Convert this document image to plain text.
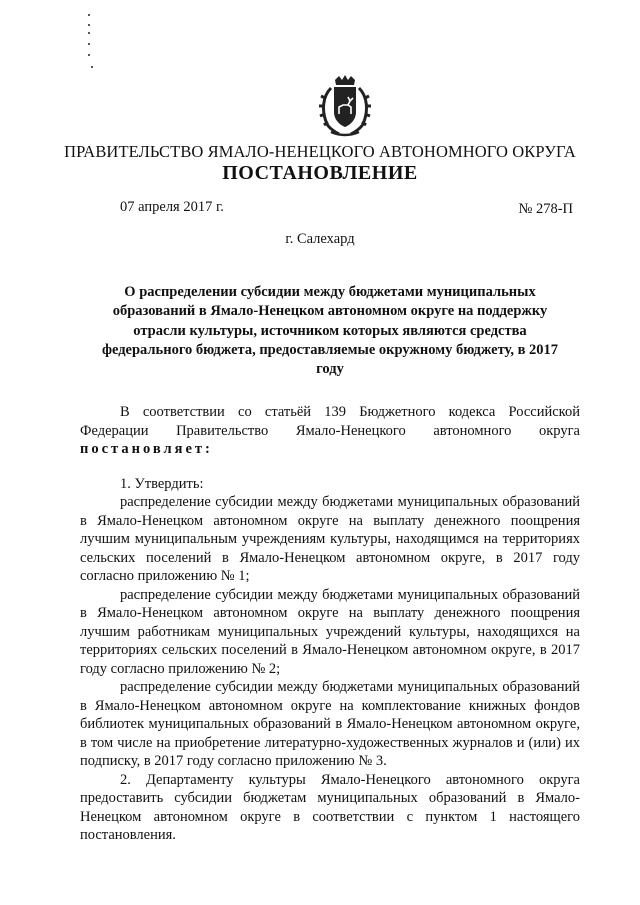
ПРАВИТЕЛЬСТВО ЯМАЛО-НЕНЕЦКОГО АВТОНОМНОГО ОКРУГА
ПОСТАНОВЛЕНИЕ
07 апреля 2017 г.	№ 278-П
г. Салехард
О распределении субсидии между бюджетами муниципальных образований в Ямало-Ненецком автономном округе на поддержку отрасли культуры, источником которых являются средства федерального бюджета, предоставляемые окружному бюджету, в 2017 году

В соответствии со статьёй 139 Бюджетного кодекса Российской Федерации Правительство Ямало-Ненецкого автономного округа постановляет:

1. Утвердить:

распределение субсидии между бюджетами муниципальных образований в Ямало-Ненецком автономном округе на выплату денежного поощрения лучшим муниципальным учреждениям культуры, находящимся на территориях сельских поселений в Ямало-Ненецком автономном округе, в 2017 году согласно приложению № 1;

распределение субсидии между бюджетами муниципальных образований в Ямало-Ненецком автономном округе на выплату денежного поощрения лучшим работникам муниципальных учреждений культуры, находящихся на территориях сельских поселений в Ямало-Ненецком автономном округе, в 2017 году согласно приложению № 2;

распределение субсидии между бюджетами муниципальных образований в Ямало-Ненецком автономном округе на комплектование книжных фондов библиотек муниципальных образований в Ямало-Ненецком автономном округе, в том числе на приобретение литературно-художественных журналов и (или) их подписку, в 2017 году согласно приложению № 3.

2. Департаменту культуры Ямало-Ненецкого автономного округа предоставить субсидии бюджетам муниципальных образований в Ямало-Ненецком автономном округе в соответствии с пунктом 1 настоящего постановления.
